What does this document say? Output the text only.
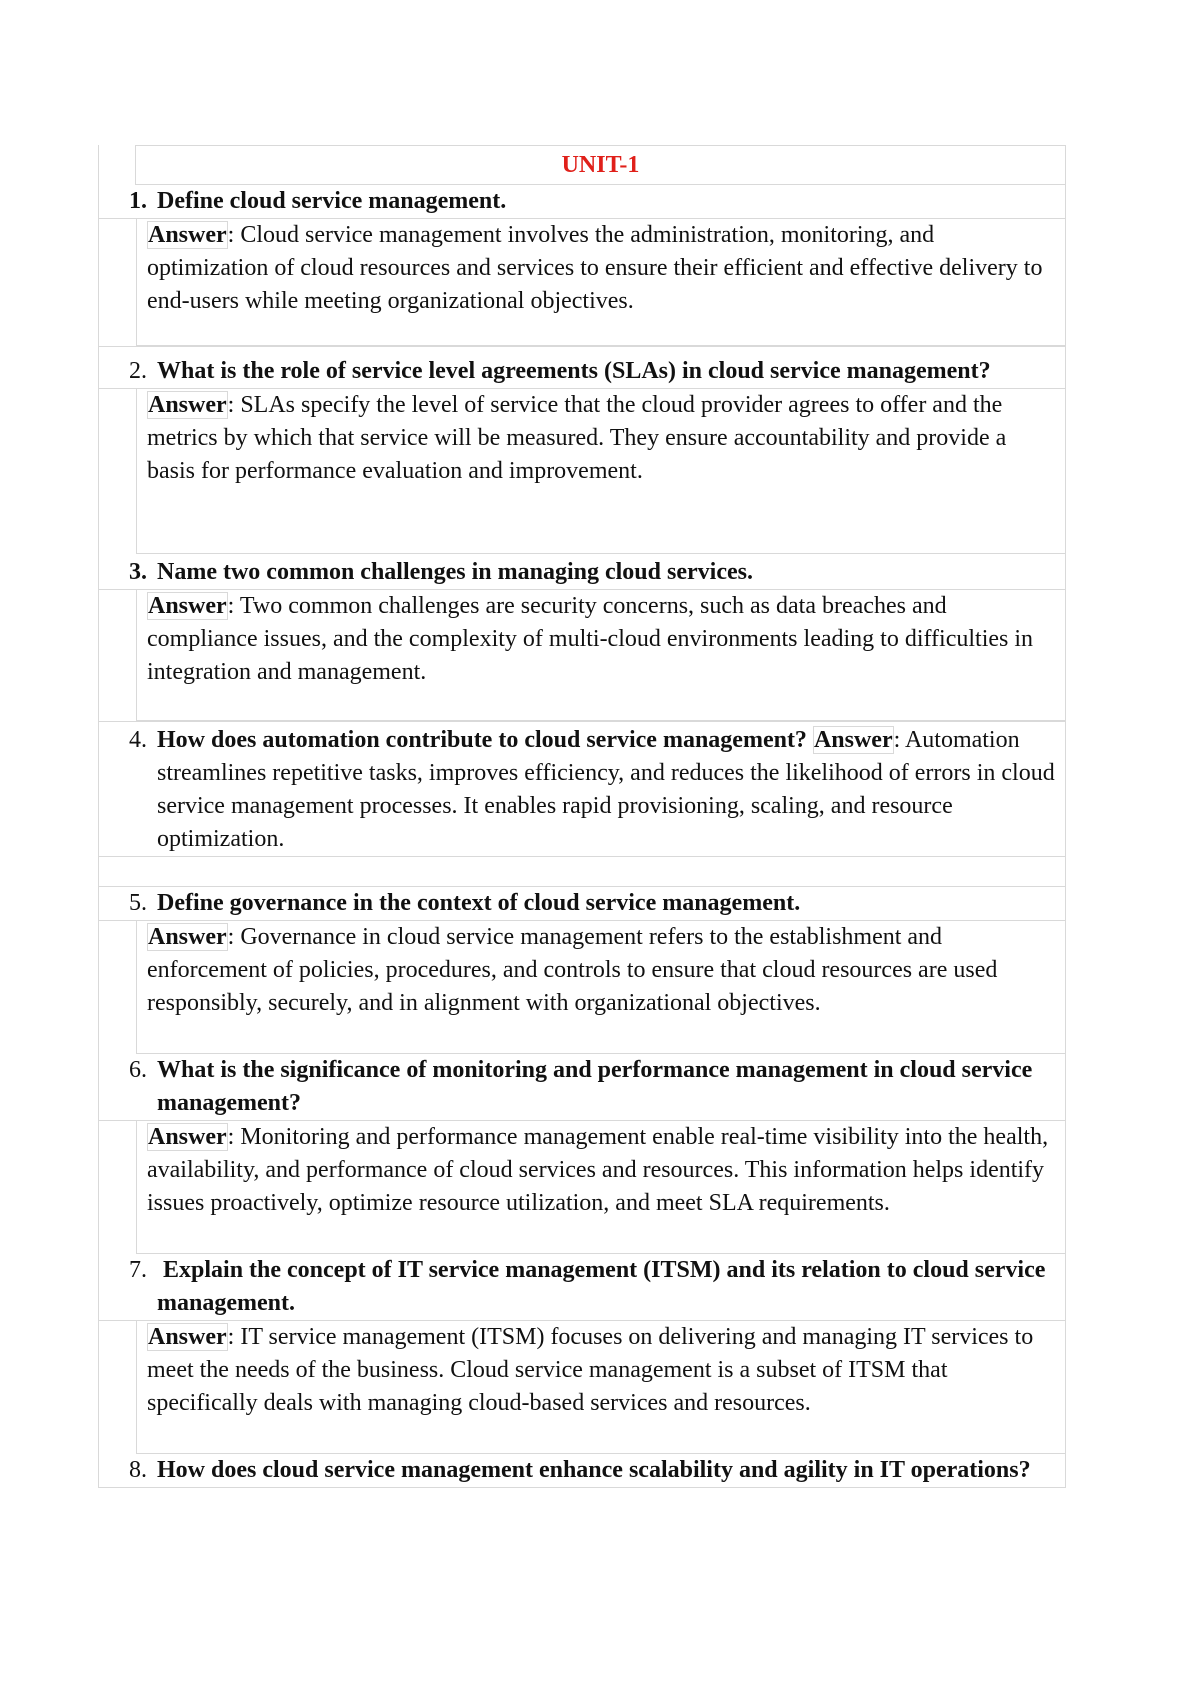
UNIT-1
1. Define cloud service management.
Answer: Cloud service management involves the administration, monitoring, and optimization of cloud resources and services to ensure their efficient and effective delivery to end-users while meeting organizational objectives.
2. What is the role of service level agreements (SLAs) in cloud service management?
Answer: SLAs specify the level of service that the cloud provider agrees to offer and the metrics by which that service will be measured. They ensure accountability and provide a basis for performance evaluation and improvement.
3. Name two common challenges in managing cloud services.
Answer: Two common challenges are security concerns, such as data breaches and compliance issues, and the complexity of multi-cloud environments leading to difficulties in integration and management.
4. How does automation contribute to cloud service management? Answer: Automation streamlines repetitive tasks, improves efficiency, and reduces the likelihood of errors in cloud service management processes. It enables rapid provisioning, scaling, and resource optimization.
5. Define governance in the context of cloud service management.
Answer: Governance in cloud service management refers to the establishment and enforcement of policies, procedures, and controls to ensure that cloud resources are used responsibly, securely, and in alignment with organizational objectives.
6. What is the significance of monitoring and performance management in cloud service management?
Answer: Monitoring and performance management enable real-time visibility into the health, availability, and performance of cloud services and resources. This information helps identify issues proactively, optimize resource utilization, and meet SLA requirements.
7. Explain the concept of IT service management (ITSM) and its relation to cloud service management.
Answer: IT service management (ITSM) focuses on delivering and managing IT services to meet the needs of the business. Cloud service management is a subset of ITSM that specifically deals with managing cloud-based services and resources.
8. How does cloud service management enhance scalability and agility in IT operations?
